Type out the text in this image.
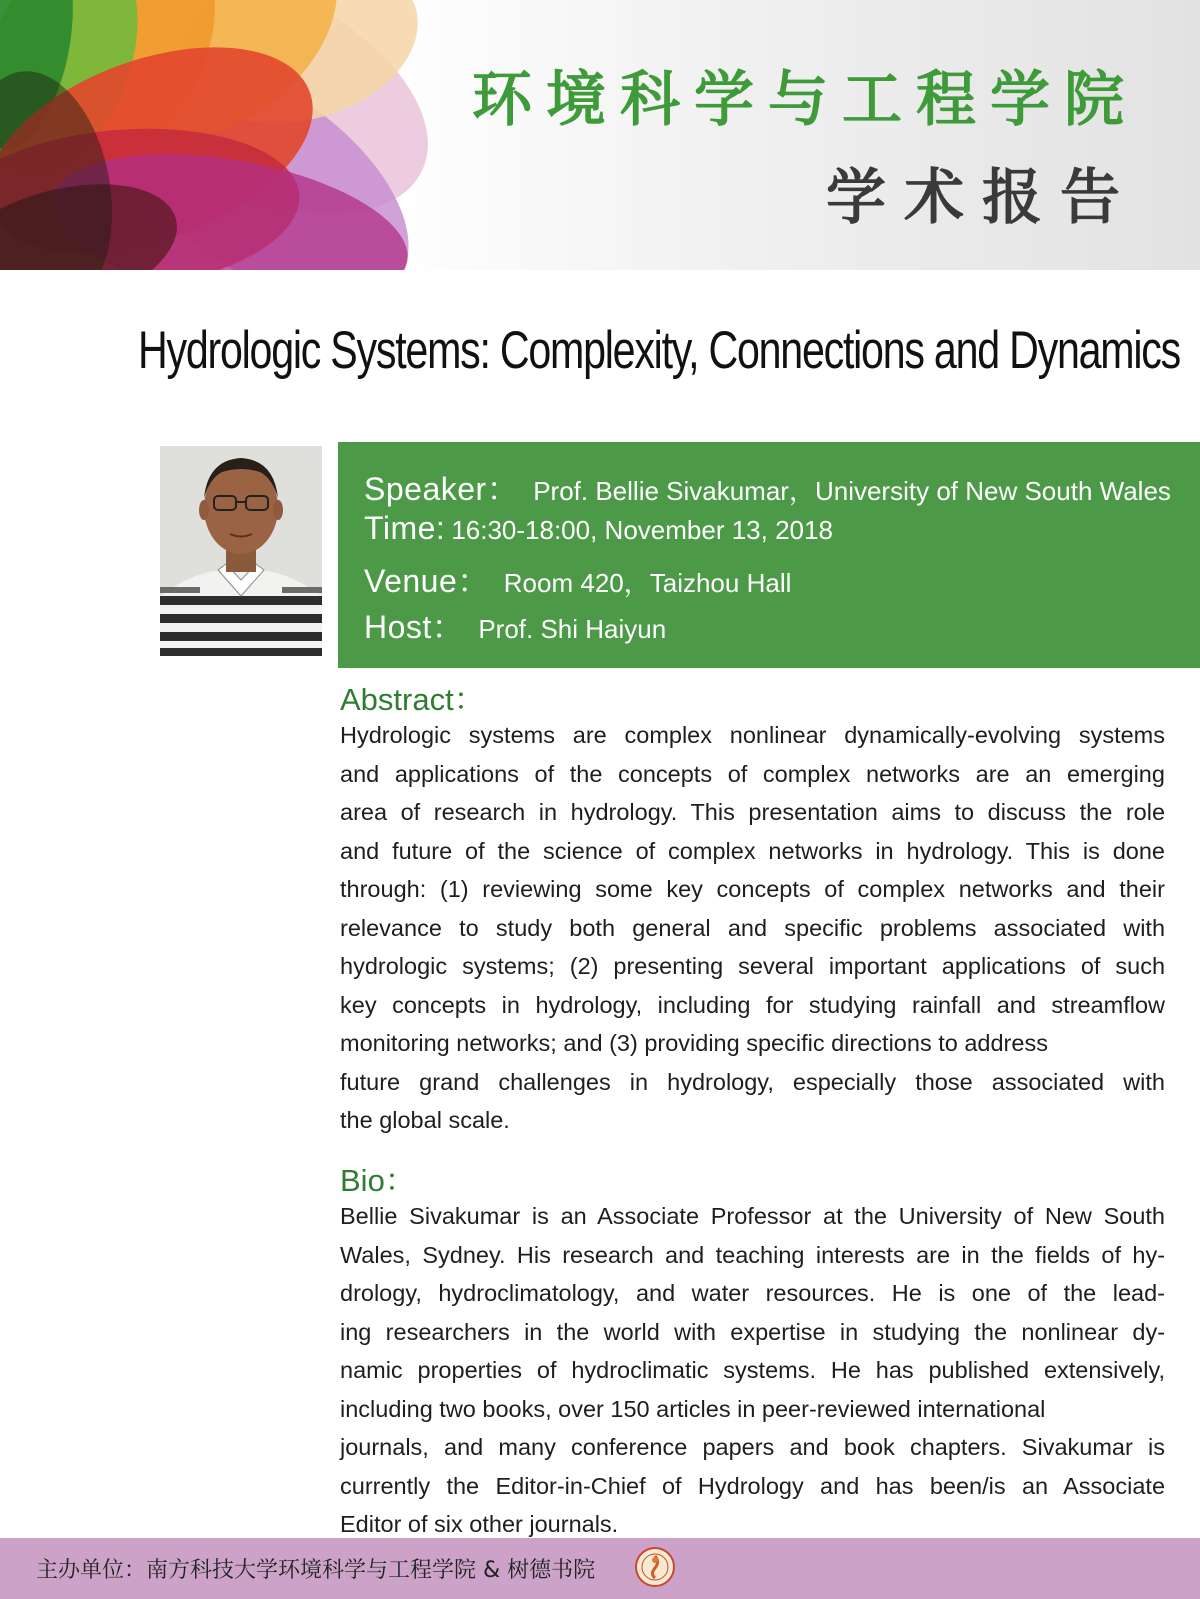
环境科学与工程学院
学术报告
Hydrologic Systems: Complexity, Connections and Dynamics
Speaker： Prof. Bellie Sivakumar，University of New South Wales
Time: 16:30-18:00, November 13, 2018
Venue： Room 420，Taizhou Hall
Host： Prof. Shi Haiyun
Abstract：
Hydrologic systems are complex nonlinear dynamically-evolving systems
and applications of the concepts of complex networks are an emerging
area of research in hydrology. This presentation aims to discuss the role
and future of the science of complex networks in hydrology. This is done
through: (1) reviewing some key concepts of complex networks and their
relevance to study both general and specific problems associated with
hydrologic systems; (2) presenting several important applications of such
key concepts in hydrology, including for studying rainfall and streamflow
monitoring networks; and (3) providing specific directions to address
future grand challenges in hydrology, especially those associated with
the global scale.
Bio：
Bellie Sivakumar is an Associate Professor at the University of New South
Wales, Sydney. His research and teaching interests are in the fields of hy-
drology, hydroclimatology, and water resources. He is one of the lead-
ing researchers in the world with expertise in studying the nonlinear dy-
namic properties of hydroclimatic systems. He has published extensively,
including two books, over 150 articles in peer-reviewed international
journals, and many conference papers and book chapters. Sivakumar is
currently the Editor-in-Chief of Hydrology and has been/is an Associate
Editor of six other journals.
主办单位：南方科技大学环境科学与工程学院 & 树德书院
